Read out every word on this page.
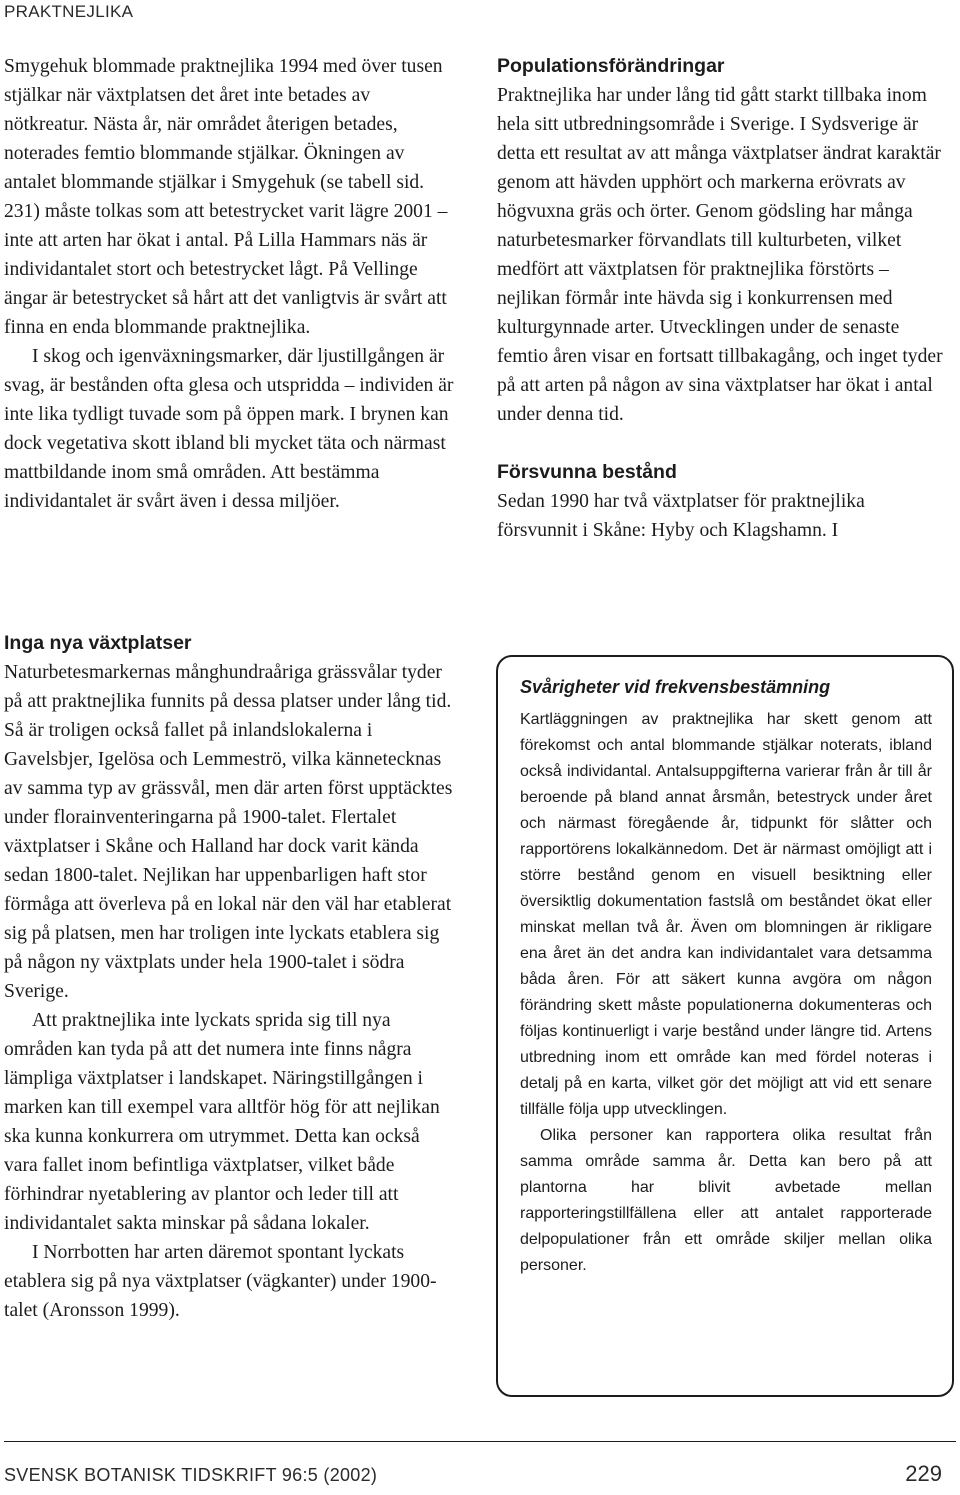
PRAKTNEJLIKA

Smygehuk blommade praktnejlika 1994 med över tusen stjälkar när växtplatsen det året inte betades av nötkreatur. Nästa år, när området återigen betades, noterades femtio blommande stjälkar. Ökningen av antalet blommande stjälkar i Smygehuk (se tabell sid. 231) måste tolkas som att betestrycket varit lägre 2001 – inte att arten har ökat i antal. På Lilla Hammars näs är individantalet stort och betestrycket lågt. På Vellinge ängar är betestrycket så hårt att det vanligtvis är svårt att finna en enda blommande praktnejlika.

I skog och igenväxningsmarker, där ljustillgången är svag, är bestånden ofta glesa och utspridda – individen är inte lika tydligt tuvade som på öppen mark. I brynen kan dock vegetativa skott ibland bli mycket täta och närmast mattbildande inom små områden. Att bestämma individantalet är svårt även i dessa miljöer.

Populationsförändringar

Praktnejlika har under lång tid gått starkt tillbaka inom hela sitt utbredningsområde i Sverige. I Sydsverige är detta ett resultat av att många växtplatser ändrat karaktär genom att hävden upphört och markerna erövrats av högvuxna gräs och örter. Genom gödsling har många naturbetesmarker förvandlats till kulturbeten, vilket medfört att växtplatsen för praktnejlika förstörts – nejlikan förmår inte hävda sig i konkurrensen med kulturgynnade arter. Utvecklingen under de senaste femtio åren visar en fortsatt tillbakagång, och inget tyder på att arten på någon av sina växtplatser har ökat i antal under denna tid.

Försvunna bestånd

Sedan 1990 har två växtplatser för praktnejlika försvunnit i Skåne: Hyby och Klagshamn. I

Inga nya växtplatser

Naturbetesmarkernas månghundraåriga grässvålar tyder på att praktnejlika funnits på dessa platser under lång tid. Så är troligen också fallet på inlandslokalerna i Gavelsbjer, Igelösa och Lemmeströ, vilka kännetecknas av samma typ av grässvål, men där arten först upptäcktes under florainventeringarna på 1900-talet. Flertalet växtplatser i Skåne och Halland har dock varit kända sedan 1800-talet. Nejlikan har uppenbarligen haft stor förmåga att överleva på en lokal när den väl har etablerat sig på platsen, men har troligen inte lyckats etablera sig på någon ny växtplats under hela 1900-talet i södra Sverige.

Att praktnejlika inte lyckats sprida sig till nya områden kan tyda på att det numera inte finns några lämpliga växtplatser i landskapet. Näringstillgången i marken kan till exempel vara alltför hög för att nejlikan ska kunna konkurrera om utrymmet. Detta kan också vara fallet inom befintliga växtplatser, vilket både förhindrar nyetablering av plantor och leder till att individantalet sakta minskar på sådana lokaler.

I Norrbotten har arten däremot spontant lyckats etablera sig på nya växtplatser (vägkanter) under 1900-talet (Aronsson 1999).

Svårigheter vid frekvensbestämning

Kartläggningen av praktnejlika har skett genom att förekomst och antal blommande stjälkar noterats, ibland också individantal. Antalsuppgifterna varierar från år till år beroende på bland annat årsmån, betestryck under året och närmast föregående år, tidpunkt för slåtter och rapportörens lokalkännedom. Det är närmast omöjligt att i större bestånd genom en visuell besiktning eller översiktlig dokumentation fastslå om beståndet ökat eller minskat mellan två år. Även om blomningen är rikligare ena året än det andra kan individantalet vara detsamma båda åren. För att säkert kunna avgöra om någon förändring skett måste populationerna dokumenteras och följas kontinuerligt i varje bestånd under längre tid. Artens utbredning inom ett område kan med fördel noteras i detalj på en karta, vilket gör det möjligt att vid ett senare tillfälle följa upp utvecklingen.

Olika personer kan rapportera olika resultat från samma område samma år. Detta kan bero på att plantorna har blivit avbetade mellan rapporteringstillfällena eller att antalet rapporterade delpopulationer från ett område skiljer mellan olika personer.

SVENSK BOTANISK TIDSKRIFT 96:5 (2002)	229
